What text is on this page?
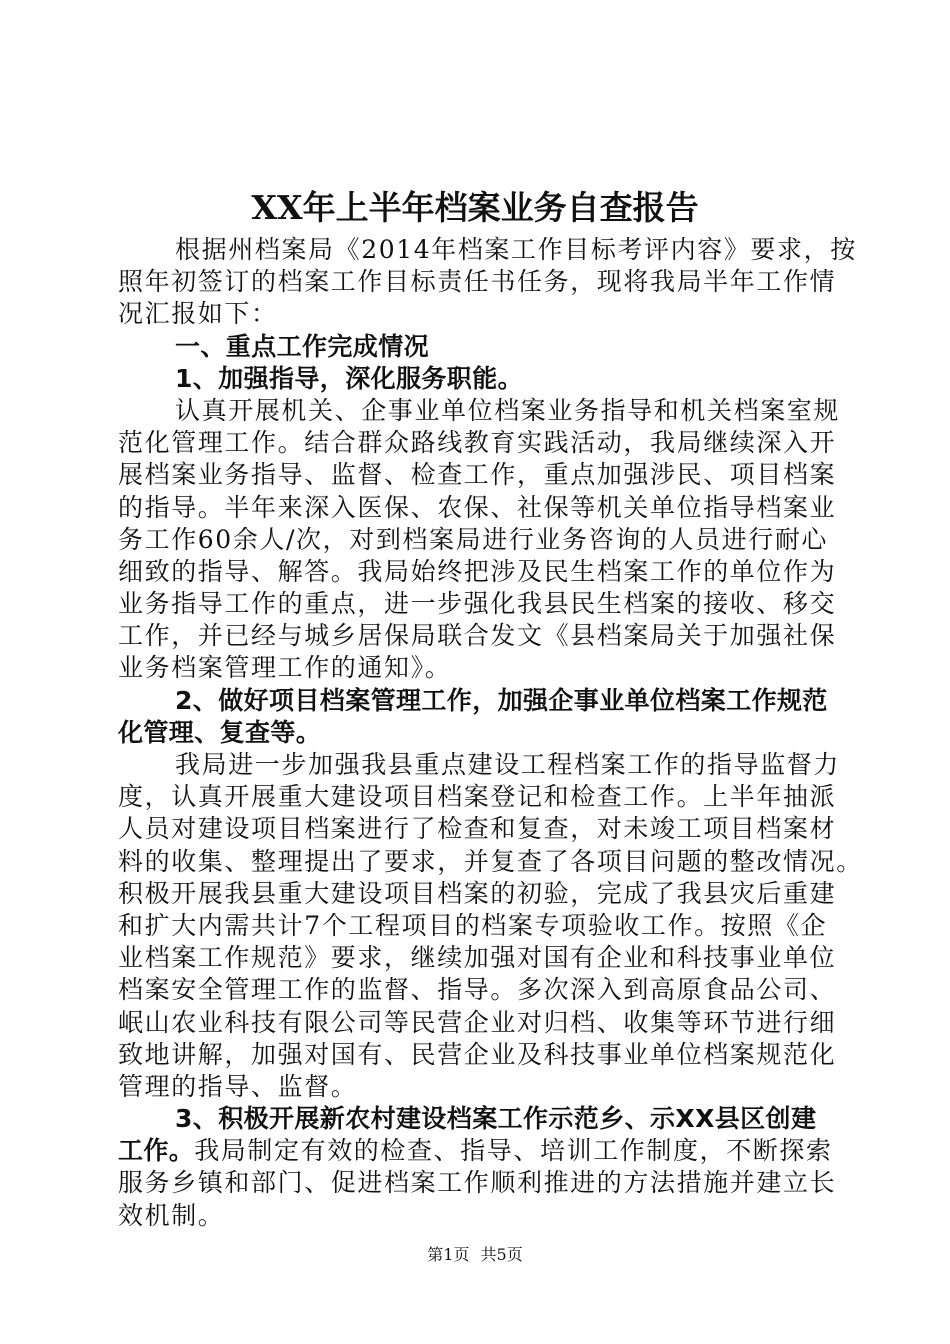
XX年上半年档案业务自查报告
根据州档案局《2014年档案工作目标考评内容》要求，按
照年初签订的档案工作目标责任书任务，现将我局半年工作情
况汇报如下：
一、重点工作完成情况
1、加强指导，深化服务职能。
认真开展机关、企事业单位档案业务指导和机关档案室规
范化管理工作。结合群众路线教育实践活动，我局继续深入开
展档案业务指导、监督、检查工作，重点加强涉民、项目档案
的指导。半年来深入医保、农保、社保等机关单位指导档案业
务工作60余人/次，对到档案局进行业务咨询的人员进行耐心
细致的指导、解答。我局始终把涉及民生档案工作的单位作为
业务指导工作的重点，进一步强化我县民生档案的接收、移交
工作，并已经与城乡居保局联合发文《县档案局关于加强社保
业务档案管理工作的通知》。
2、做好项目档案管理工作，加强企事业单位档案工作规范
化管理、复查等。
我局进一步加强我县重点建设工程档案工作的指导监督力
度，认真开展重大建设项目档案登记和检查工作。上半年抽派
人员对建设项目档案进行了检查和复查，对未竣工项目档案材
料的收集、整理提出了要求，并复查了各项目问题的整改情况。
积极开展我县重大建设项目档案的初验，完成了我县灾后重建
和扩大内需共计7个工程项目的档案专项验收工作。按照《企
业档案工作规范》要求，继续加强对国有企业和科技事业单位
档案安全管理工作的监督、指导。多次深入到高原食品公司、
岷山农业科技有限公司等民营企业对归档、收集等环节进行细
致地讲解，加强对国有、民营企业及科技事业单位档案规范化
管理的指导、监督。
3、积极开展新农村建设档案工作示范乡、示XX县区创建
工作。我局制定有效的检查、指导、培训工作制度，不断探索
服务乡镇和部门、促进档案工作顺利推进的方法措施并建立长
效机制。
第1页 共5页
